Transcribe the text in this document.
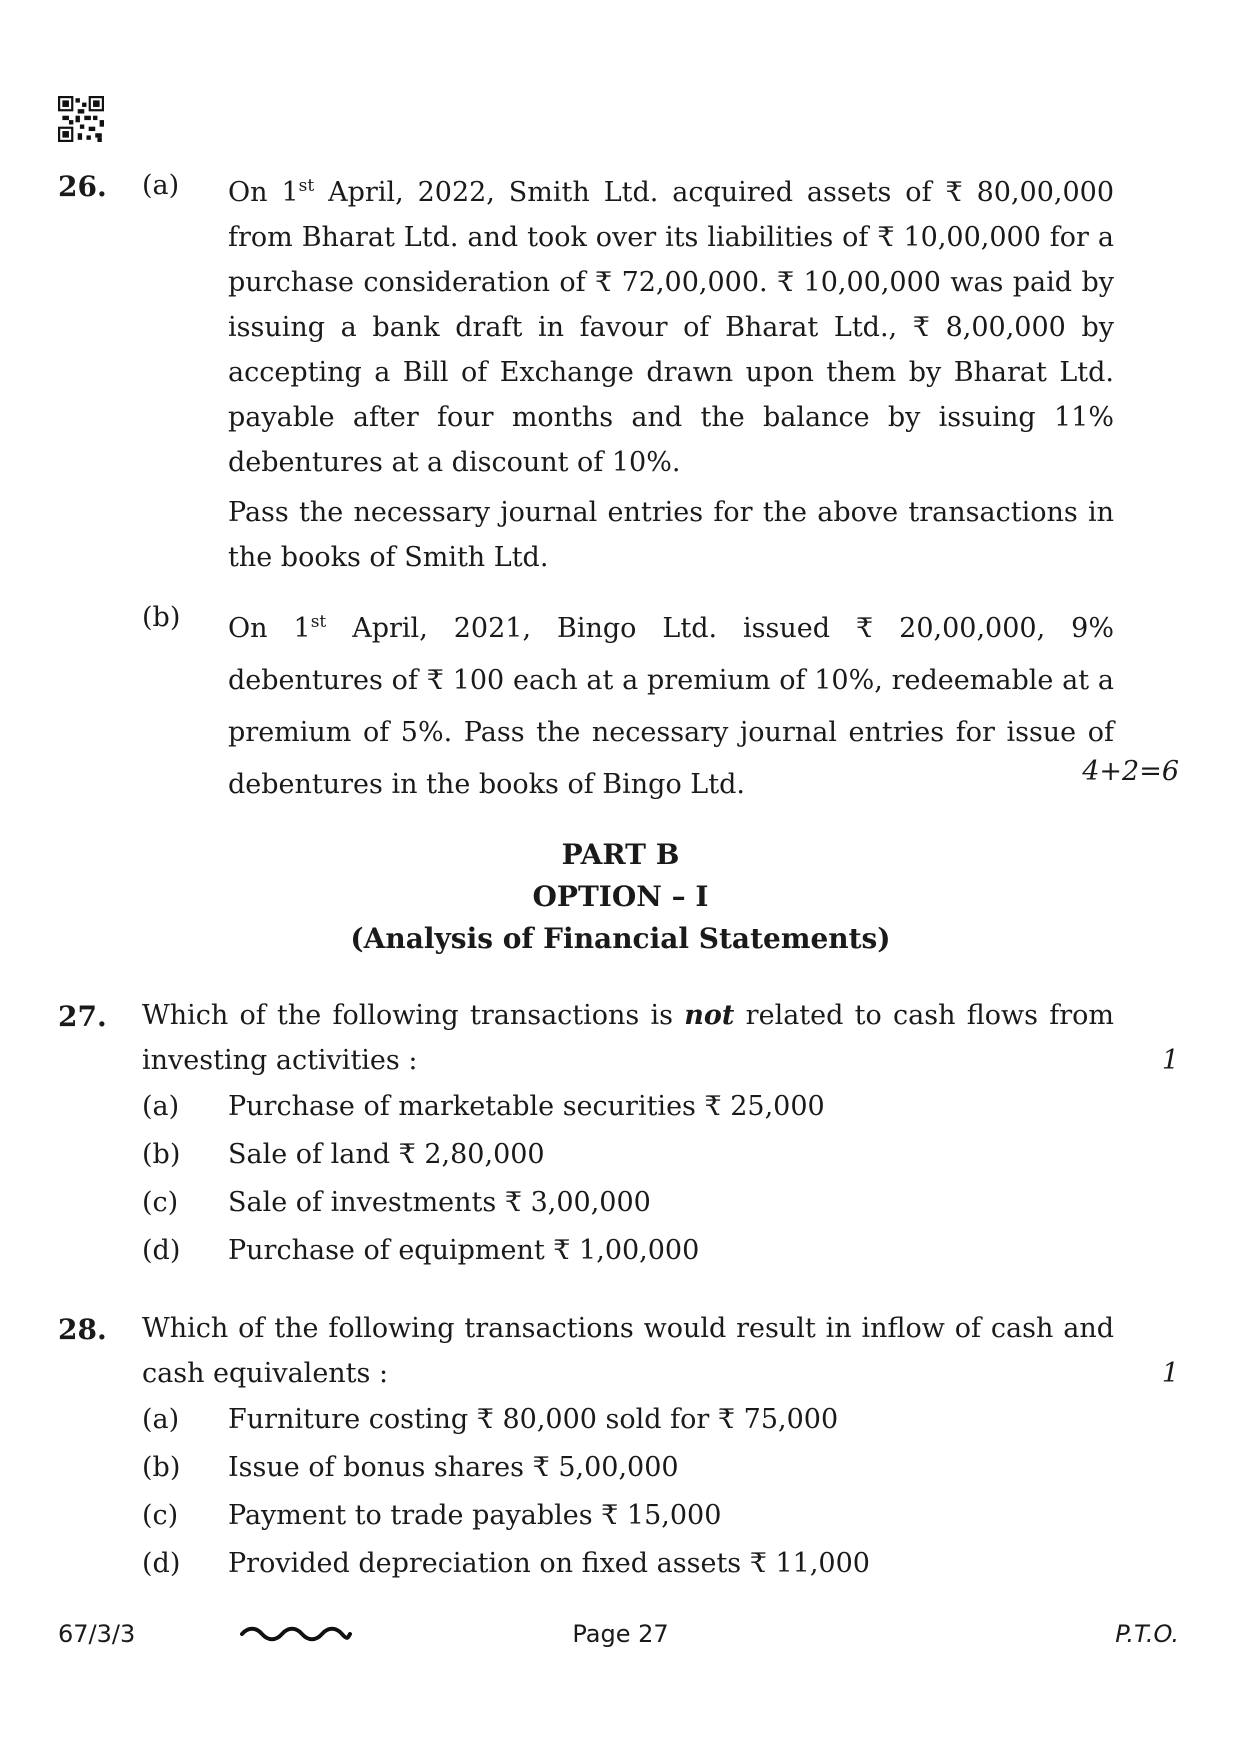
26. (a) On 1st April, 2022, Smith Ltd. acquired assets of ₹ 80,00,000 from Bharat Ltd. and took over its liabilities of ₹ 10,00,000 for a purchase consideration of ₹ 72,00,000. ₹ 10,00,000 was paid by issuing a bank draft in favour of Bharat Ltd., ₹ 8,00,000 by accepting a Bill of Exchange drawn upon them by Bharat Ltd. payable after four months and the balance by issuing 11% debentures at a discount of 10%.

Pass the necessary journal entries for the above transactions in the books of Smith Ltd.

(b) On 1st April, 2021, Bingo Ltd. issued ₹ 20,00,000, 9% debentures of ₹ 100 each at a premium of 10%, redeemable at a premium of 5%. Pass the necessary journal entries for issue of debentures in the books of Bingo Ltd.	4+2=6
PART B
OPTION – I
(Analysis of Financial Statements)
27. Which of the following transactions is not related to cash flows from investing activities :	1
(a) Purchase of marketable securities ₹ 25,000
(b) Sale of land ₹ 2,80,000
(c) Sale of investments ₹ 3,00,000
(d) Purchase of equipment ₹ 1,00,000
28. Which of the following transactions would result in inflow of cash and cash equivalents :	1
(a) Furniture costing ₹ 80,000 sold for ₹ 75,000
(b) Issue of bonus shares ₹ 5,00,000
(c) Payment to trade payables ₹ 15,000
(d) Provided depreciation on fixed assets ₹ 11,000
67/3/3	Page 27	P.T.O.
